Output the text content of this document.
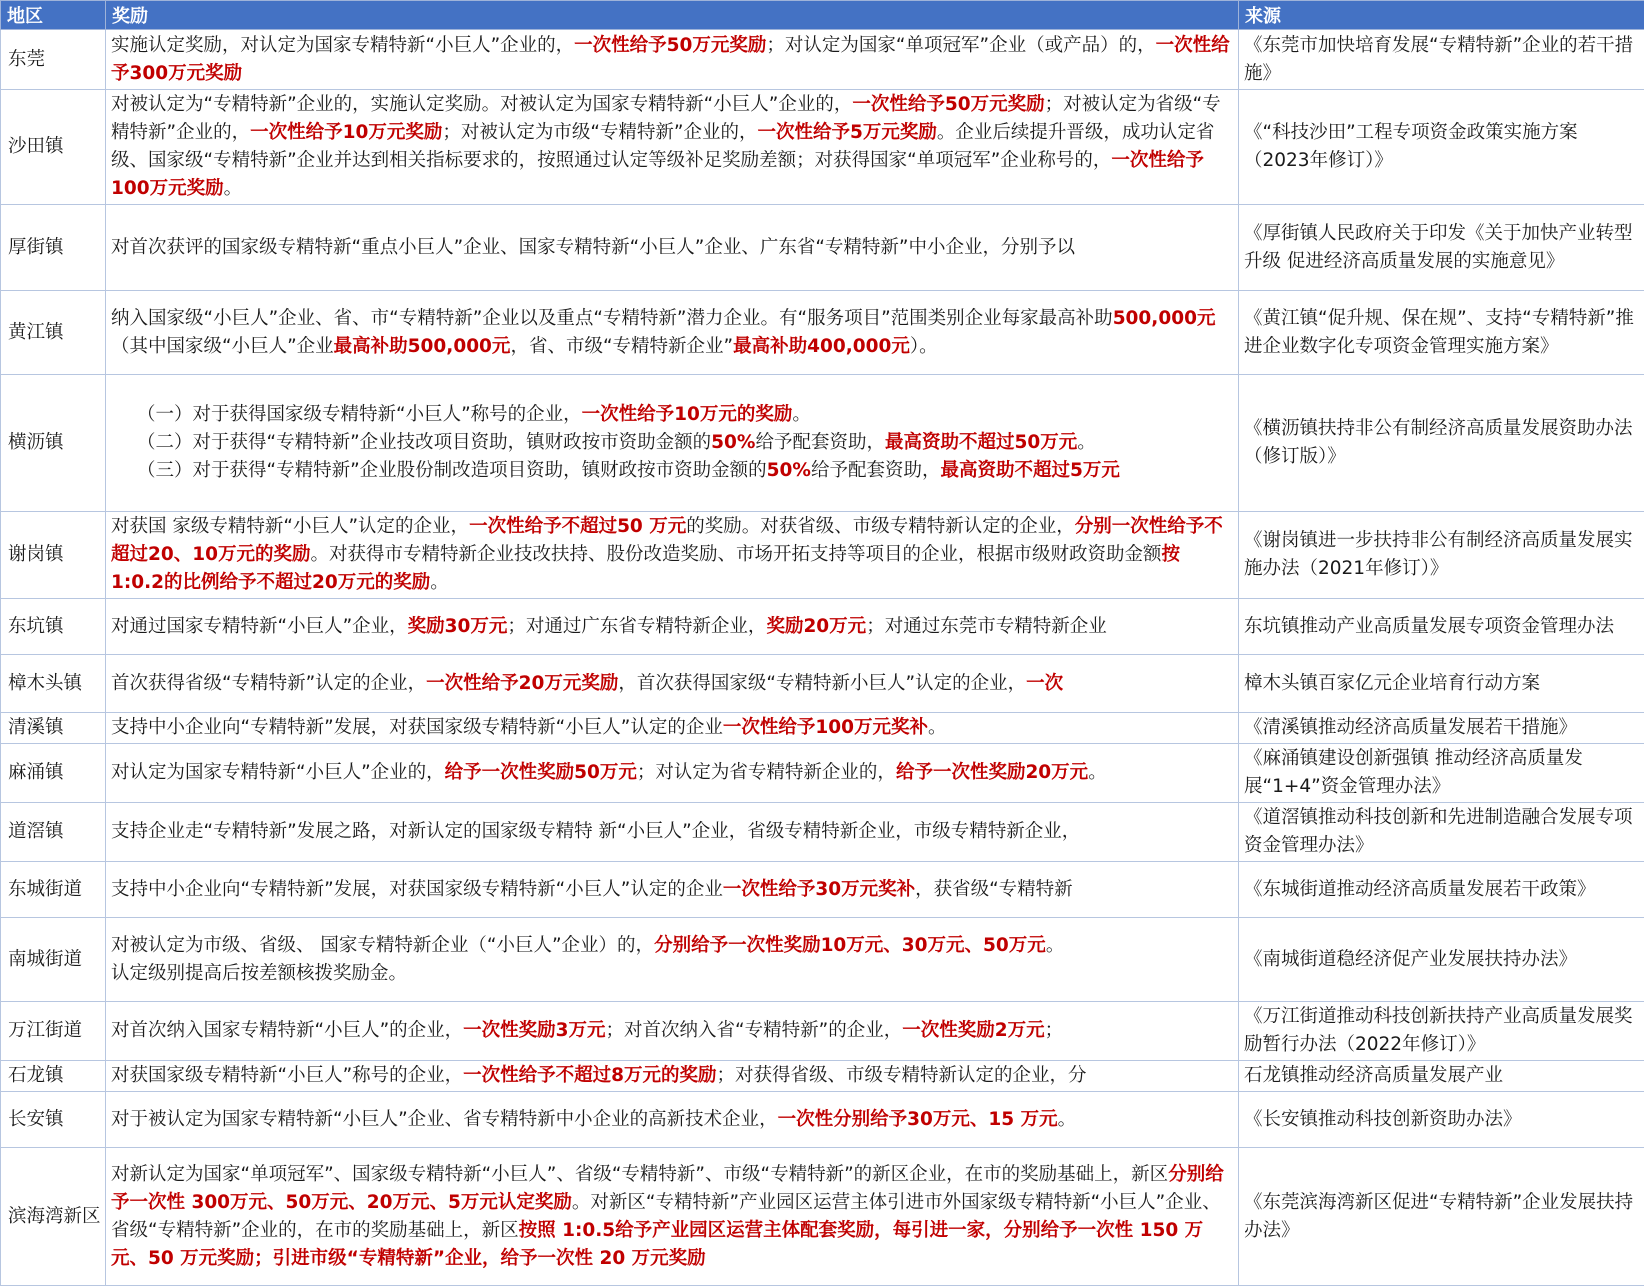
地区	奖励	来源
东莞	实施认定奖励，对认定为国家专精特新“小巨人”企业的，一次性给予50万元奖励；对认定为国家“单项冠军”企业（或产品）的，一次性给予300万元奖励	《东莞市加快培育发展“专精特新”企业的若干措施》
沙田镇	对被认定为“专精特新”企业的，实施认定奖励。对被认定为国家专精特新“小巨人”企业的，一次性给予50万元奖励；对被认定为省级“专精特新”企业的，一次性给予10万元奖励；对被认定为市级“专精特新”企业的，一次性给予5万元奖励。企业后续提升晋级，成功认定省级、国家级“专精特新”企业并达到相关指标要求的，按照通过认定等级补足奖励差额；对获得国家“单项冠军”企业称号的，一次性给予100万元奖励。	《“科技沙田”工程专项资金政策实施方案（2023年修订）》
厚街镇	对首次获评的国家级专精特新“重点小巨人”企业、国家专精特新“小巨人”企业、广东省“专精特新”中小企业，分别予以	《厚街镇人民政府关于印发《关于加快产业转型升级 促进经济高质量发展的实施意见》
黄江镇	纳入国家级“小巨人”企业、省、市“专精特新”企业以及重点“专精特新”潜力企业。有“服务项目”范围类别企业每家最高补助500,000元（其中国家级“小巨人”企业最高补助500,000元，省、市级“专精特新企业”最高补助400,000元）。	《黄江镇“促升规、保在规”、支持“专精特新”推进企业数字化专项资金管理实施方案》
横沥镇	（一）对于获得国家级专精特新“小巨人”称号的企业，一次性给予10万元的奖励。
（二）对于获得“专精特新”企业技改项目资助，镇财政按市资助金额的50%给予配套资助，最高资助不超过50万元。
（三）对于获得“专精特新”企业股份制改造项目资助，镇财政按市资助金额的50%给予配套资助，最高资助不超过5万元	《横沥镇扶持非公有制经济高质量发展资助办法（修订版）》
谢岗镇	对获国 家级专精特新“小巨人”认定的企业，一次性给予不超过50 万元的奖励。对获省级、市级专精特新认定的企业，分别一次性给予不超过20、10万元的奖励。对获得市专精特新企业技改扶持、股份改造奖励、市场开拓支持等项目的企业，根据市级财政资助金额按1:0.2的比例给予不超过20万元的奖励。	《谢岗镇进一步扶持非公有制经济高质量发展实施办法（2021年修订）》
东坑镇	对通过国家专精特新“小巨人”企业，奖励30万元；对通过广东省专精特新企业，奖励20万元；对通过东莞市专精特新企业	东坑镇推动产业高质量发展专项资金管理办法
樟木头镇	首次获得省级“专精特新”认定的企业，一次性给予20万元奖励，首次获得国家级“专精特新小巨人”认定的企业，一次	樟木头镇百家亿元企业培育行动方案
清溪镇	支持中小企业向“专精特新”发展，对获国家级专精特新“小巨人”认定的企业一次性给予100万元奖补。	《清溪镇推动经济高质量发展若干措施》
麻涌镇	对认定为国家专精特新“小巨人”企业的，给予一次性奖励50万元；对认定为省专精特新企业的，给予一次性奖励20万元。	《麻涌镇建设创新强镇 推动经济高质量发展“1+4”资金管理办法》
道滘镇	支持企业走“专精特新”发展之路，对新认定的国家级专精特 新“小巨人”企业，省级专精特新企业，市级专精特新企业，	《道滘镇推动科技创新和先进制造融合发展专项资金管理办法》
东城街道	支持中小企业向“专精特新”发展，对获国家级专精特新“小巨人”认定的企业一次性给予30万元奖补，获省级“专精特新	《东城街道推动经济高质量发展若干政策》
南城街道	对被认定为市级、省级、 国家专精特新企业（“小巨人”企业）的，分别给予一次性奖励10万元、30万元、50万元。
认定级别提高后按差额核拨奖励金。	《南城街道稳经济促产业发展扶持办法》
万江街道	对首次纳入国家专精特新“小巨人”的企业，一次性奖励3万元；对首次纳入省“专精特新”的企业，一次性奖励2万元；	《万江街道推动科技创新扶持产业高质量发展奖励暂行办法（2022年修订）》
石龙镇	对获国家级专精特新“小巨人”称号的企业，一次性给予不超过8万元的奖励；对获得省级、市级专精特新认定的企业，分	石龙镇推动经济高质量发展产业
长安镇	对于被认定为国家专精特新“小巨人”企业、省专精特新中小企业的高新技术企业，一次性分别给予30万元、15 万元。	《长安镇推动科技创新资助办法》
滨海湾新区	对新认定为国家“单项冠军”、国家级专精特新“小巨人”、省级“专精特新”、市级“专精特新”的新区企业，在市的奖励基础上，新区分别给予一次性 300万元、50万元、20万元、5万元认定奖励。对新区“专精特新”产业园区运营主体引进市外国家级专精特新“小巨人”企业、省级“专精特新”企业的，在市的奖励基础上，新区按照 1:0.5给予产业园区运营主体配套奖励，每引进一家，分别给予一次性 150 万元、50 万元奖励；引进市级“专精特新”企业，给予一次性 20 万元奖励	《东莞滨海湾新区促进“专精特新”企业发展扶持办法》
